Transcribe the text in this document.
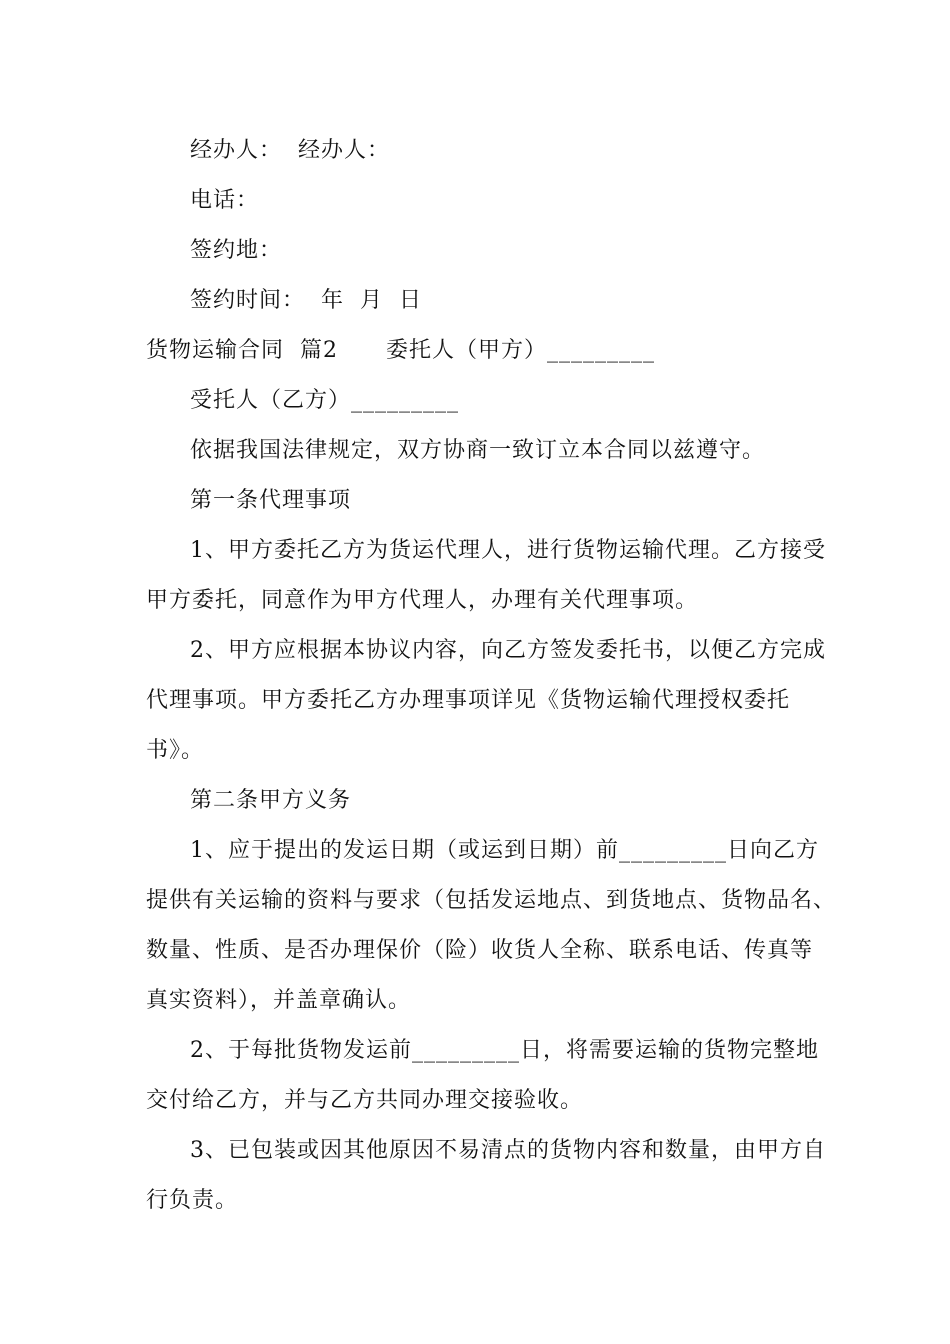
经办人：  经办人：
电话：
签约地：
签约时间：  年  月  日
货物运输合同  篇2      委托人（甲方）_________
受托人（乙方）_________
依据我国法律规定，双方协商一致订立本合同以兹遵守。
第一条代理事项
1、甲方委托乙方为货运代理人，进行货物运输代理。乙方接受
甲方委托，同意作为甲方代理人，办理有关代理事项。
2、甲方应根据本协议内容，向乙方签发委托书，以便乙方完成
代理事项。甲方委托乙方办理事项详见《货物运输代理授权委托
书》。
第二条甲方义务
1、应于提出的发运日期（或运到日期）前_________日向乙方
提供有关运输的资料与要求（包括发运地点、到货地点、货物品名、
数量、性质、是否办理保价（险）收货人全称、联系电话、传真等
真实资料），并盖章确认。
2、于每批货物发运前_________日，将需要运输的货物完整地
交付给乙方，并与乙方共同办理交接验收。
3、已包装或因其他原因不易清点的货物内容和数量，由甲方自
行负责。
